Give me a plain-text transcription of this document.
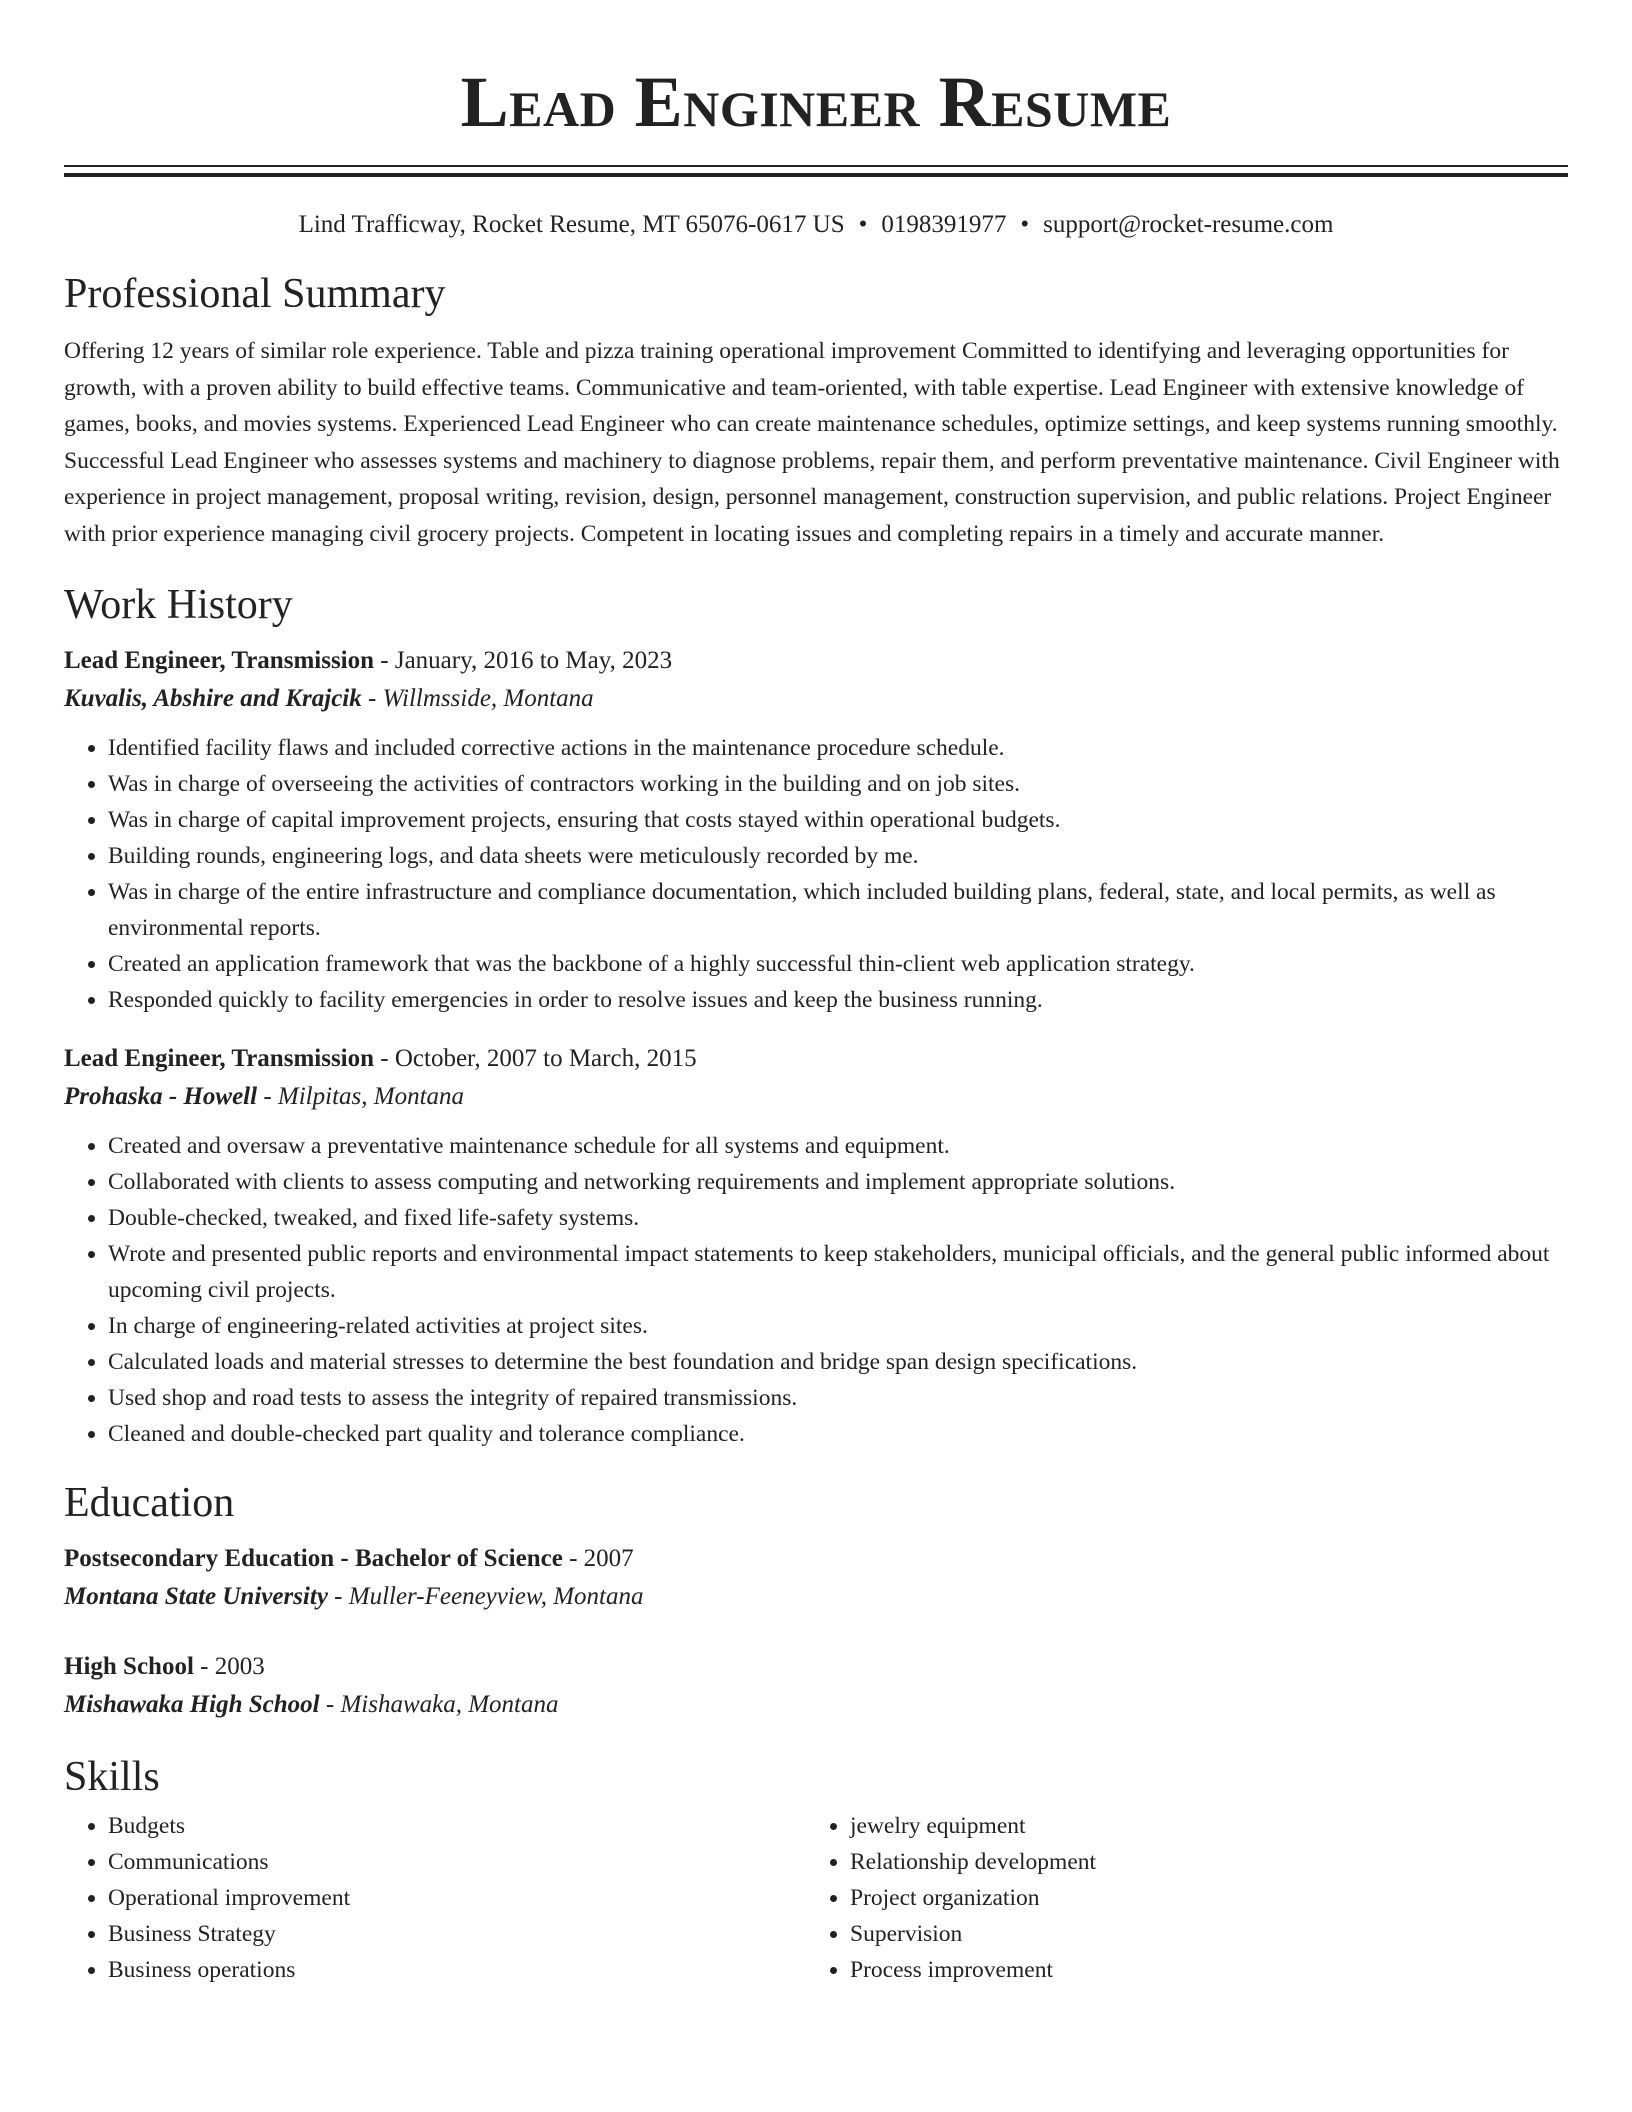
Lead Engineer Resume
Lind Trafficway, Rocket Resume, MT 65076-0617 US • 0198391977 • support@rocket-resume.com
Professional Summary

Offering 12 years of similar role experience. Table and pizza training operational improvement Committed to identifying and leveraging opportunities for growth, with a proven ability to build effective teams. Communicative and team-oriented, with table expertise. Lead Engineer with extensive knowledge of games, books, and movies systems. Experienced Lead Engineer who can create maintenance schedules, optimize settings, and keep systems running smoothly. Successful Lead Engineer who assesses systems and machinery to diagnose problems, repair them, and perform preventative maintenance. Civil Engineer with experience in project management, proposal writing, revision, design, personnel management, construction supervision, and public relations. Project Engineer with prior experience managing civil grocery projects. Competent in locating issues and completing repairs in a timely and accurate manner.

Work History
Lead Engineer, Transmission - January, 2016 to May, 2023
Kuvalis, Abshire and Krajcik - Willmsside, Montana
• Identified facility flaws and included corrective actions in the maintenance procedure schedule.
• Was in charge of overseeing the activities of contractors working in the building and on job sites.
• Was in charge of capital improvement projects, ensuring that costs stayed within operational budgets.
• Building rounds, engineering logs, and data sheets were meticulously recorded by me.
• Was in charge of the entire infrastructure and compliance documentation, which included building plans, federal, state, and local permits, as well as environmental reports.
• Created an application framework that was the backbone of a highly successful thin-client web application strategy.
• Responded quickly to facility emergencies in order to resolve issues and keep the business running.
Lead Engineer, Transmission - October, 2007 to March, 2015
Prohaska - Howell - Milpitas, Montana
• Created and oversaw a preventative maintenance schedule for all systems and equipment.
• Collaborated with clients to assess computing and networking requirements and implement appropriate solutions.
• Double-checked, tweaked, and fixed life-safety systems.
• Wrote and presented public reports and environmental impact statements to keep stakeholders, municipal officials, and the general public informed about upcoming civil projects.
• In charge of engineering-related activities at project sites.
• Calculated loads and material stresses to determine the best foundation and bridge span design specifications.
• Used shop and road tests to assess the integrity of repaired transmissions.
• Cleaned and double-checked part quality and tolerance compliance.
Education
Postsecondary Education - Bachelor of Science - 2007
Montana State University - Muller-Feeneyview, Montana
High School - 2003
Mishawaka High School - Mishawaka, Montana
Skills
• Budgets
• Communications
• Operational improvement
• Business Strategy
• Business operations
• jewelry equipment
• Relationship development
• Project organization
• Supervision
• Process improvement
